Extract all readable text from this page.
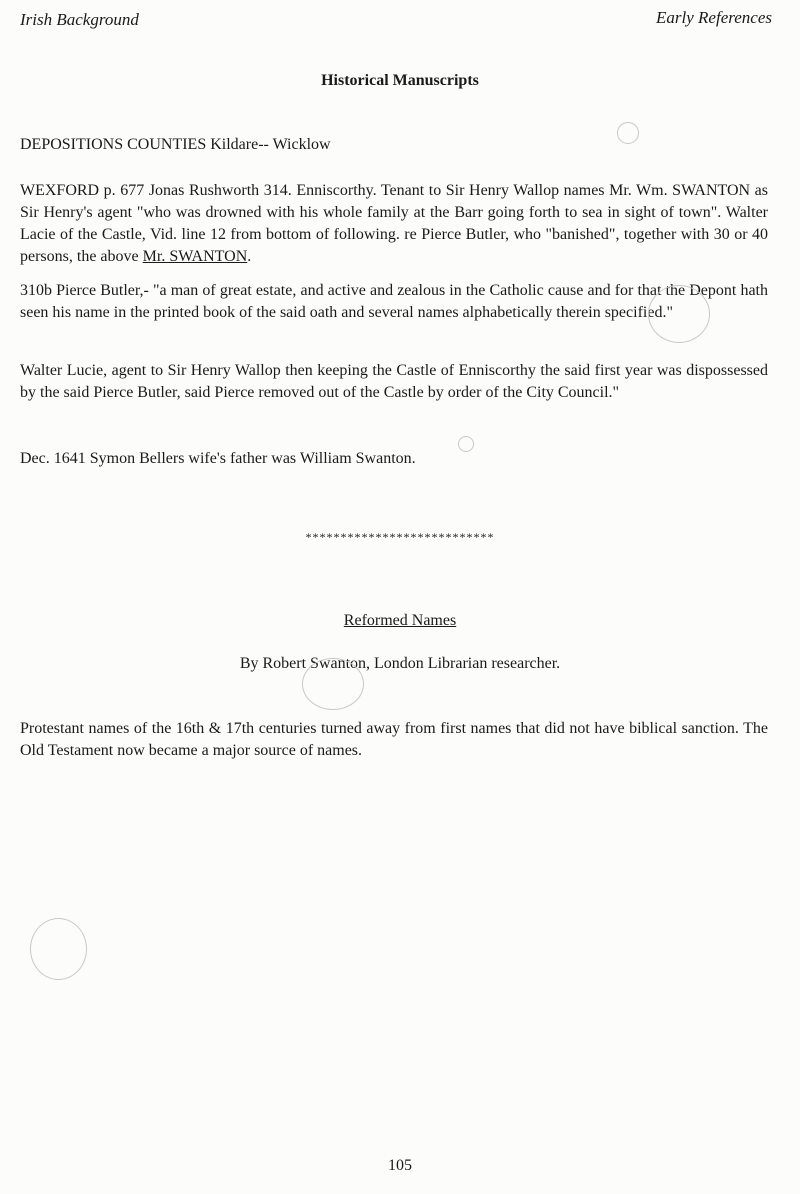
Irish Background	Early References
Historical Manuscripts

DEPOSITIONS COUNTIES Kildare-- Wicklow

WEXFORD p. 677 Jonas Rushworth 314. Enniscorthy. Tenant to Sir Henry Wallop names Mr. Wm. SWANTON as Sir Henry's agent "who was drowned with his whole family at the Barr going forth to sea in sight of town". Walter Lacie of the Castle, Vid. line 12 from bottom of following. re Pierce Butler, who "banished", together with 30 or 40 persons, the above Mr. SWANTON.

310b Pierce Butler,- "a man of great estate, and active and zealous in the Catholic cause and for that the Depont hath seen his name in the printed book of the said oath and several names alphabetically therein specified."

Walter Lucie, agent to Sir Henry Wallop then keeping the Castle of Enniscorthy the said first year was dispossessed by the said Pierce Butler, said Pierce removed out of the Castle by order of the City Council."

Dec. 1641 Symon Bellers wife's father was William Swanton.

***************************
Reformed Names
By Robert Swanton, London Librarian researcher.

Protestant names of the 16th & 17th centuries turned away from first names that did not have biblical sanction. The Old Testament now became a major source of names.

105
